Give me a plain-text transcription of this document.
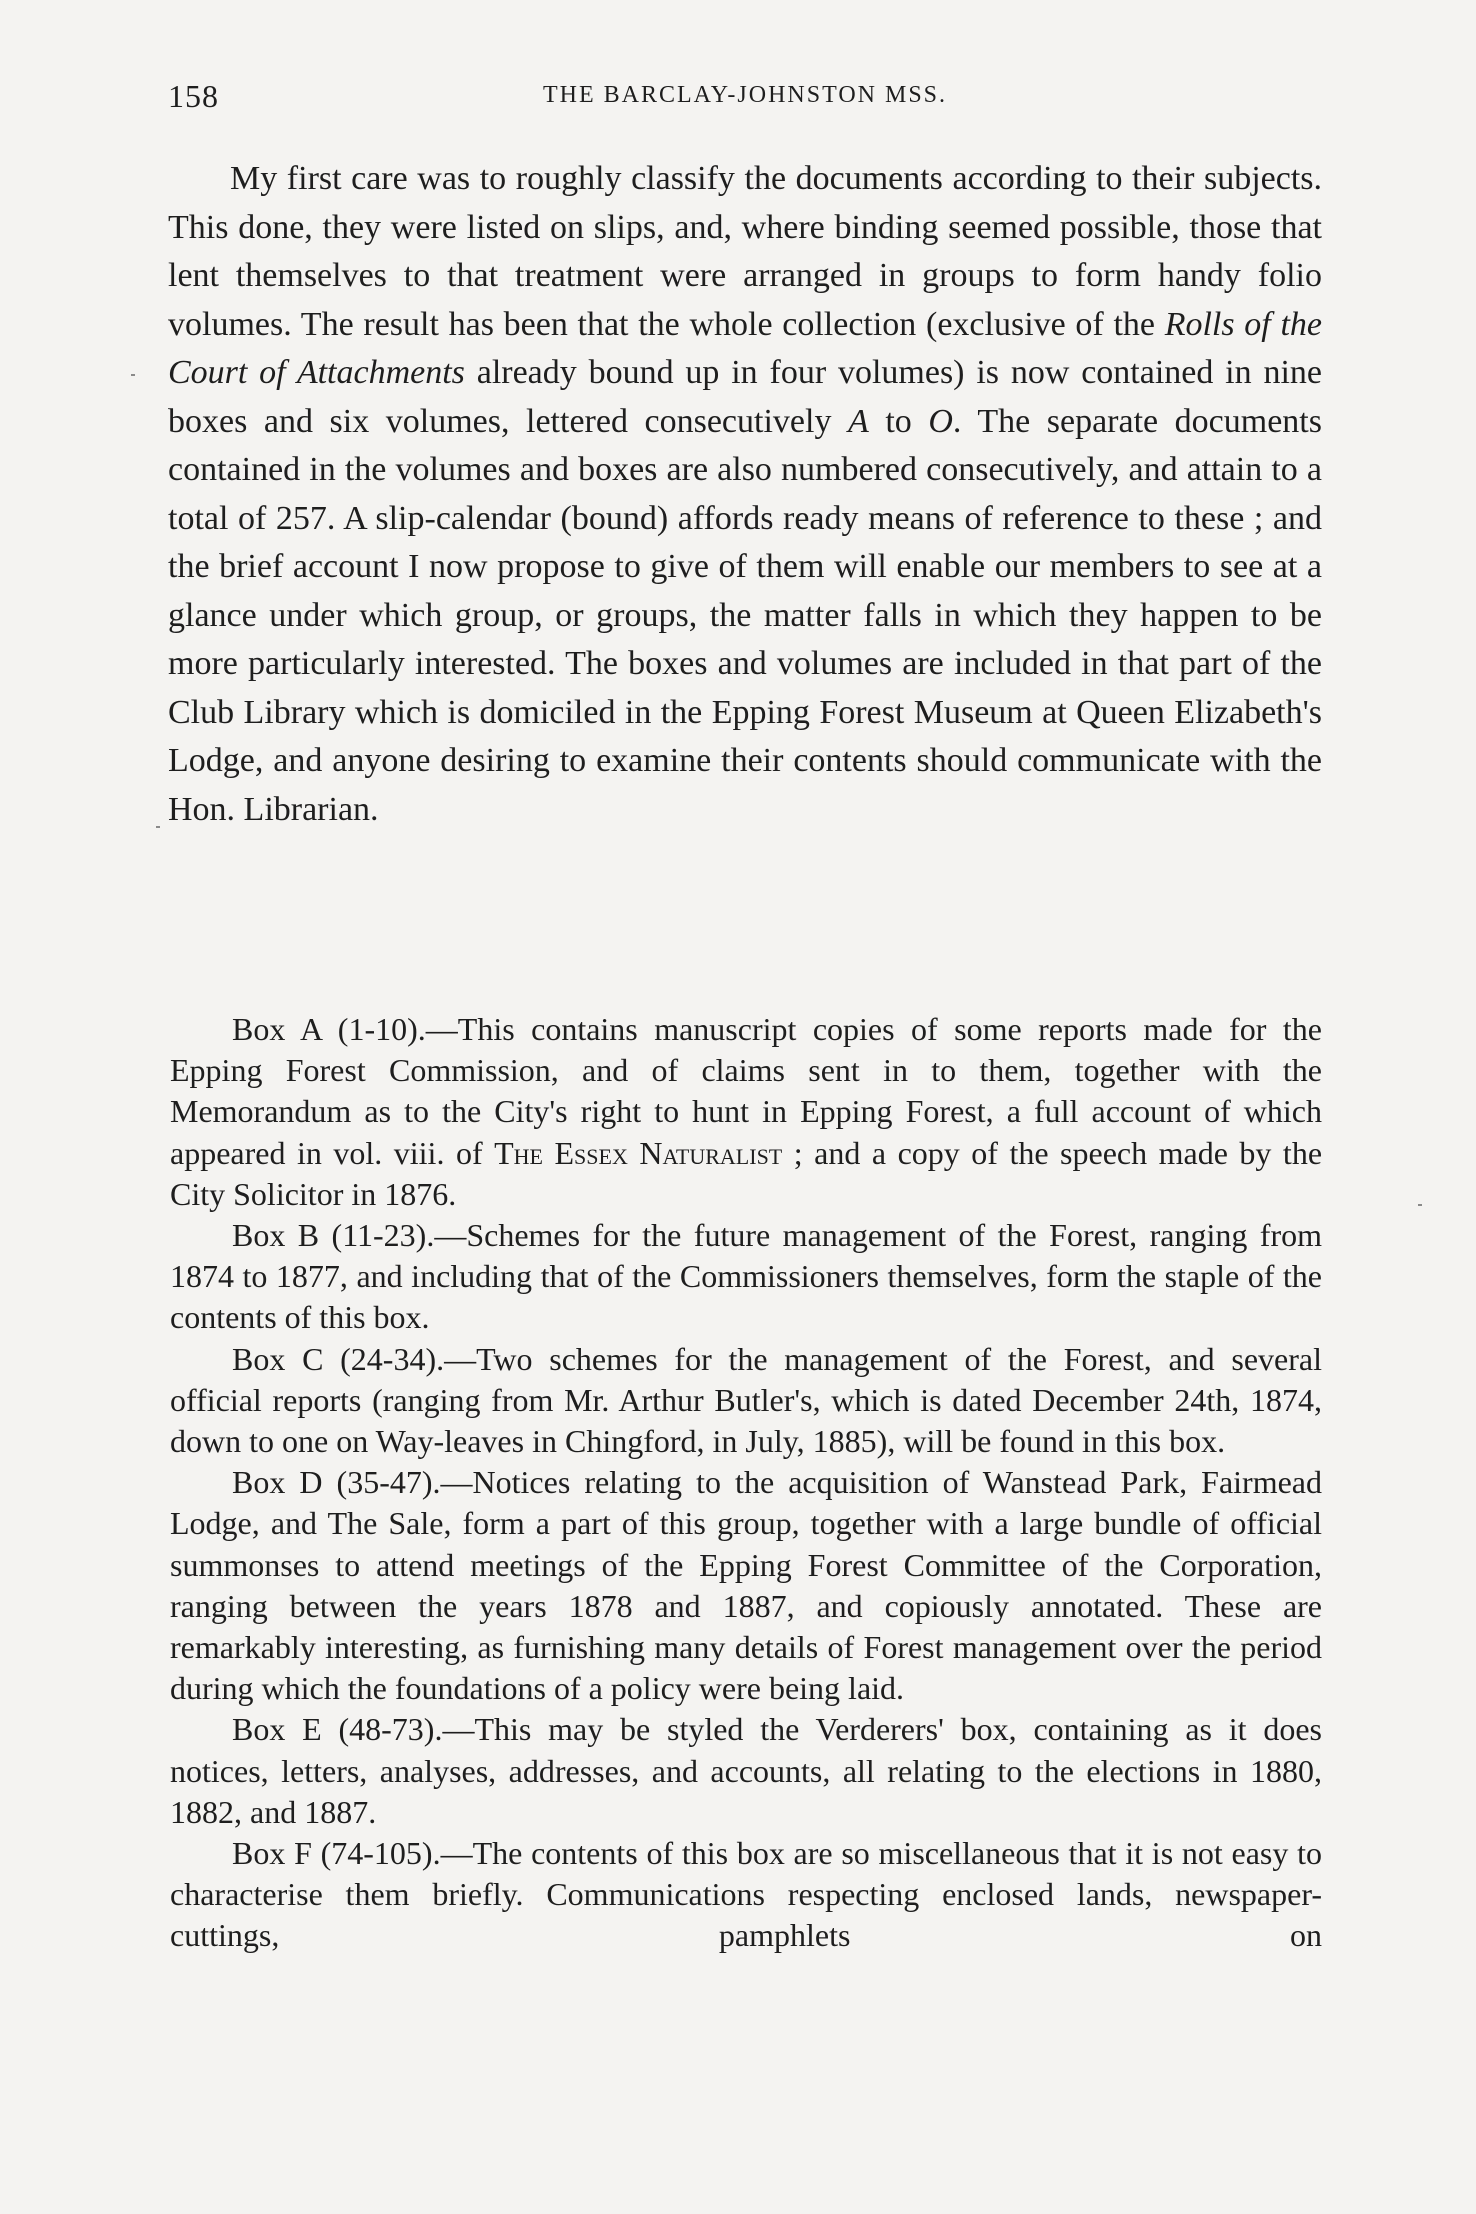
158	THE BARCLAY-JOHNSTON MSS.

My first care was to roughly classify the documents according to their subjects. This done, they were listed on slips, and, where binding seemed possible, those that lent themselves to that treatment were arranged in groups to form handy folio volumes. The result has been that the whole collection (exclusive of the Rolls of the Court of Attachments already bound up in four volumes) is now contained in nine boxes and six volumes, lettered consecutively A to O. The separate documents contained in the volumes and boxes are also numbered consecutively, and attain to a total of 257. A slip-calendar (bound) affords ready means of reference to these ; and the brief account I now propose to give of them will enable our members to see at a glance under which group, or groups, the matter falls in which they happen to be more particularly interested. The boxes and volumes are included in that part of the Club Library which is domiciled in the Epping Forest Museum at Queen Elizabeth's Lodge, and anyone desiring to examine their contents should communicate with the Hon. Librarian.

Box A (1-10).—This contains manuscript copies of some reports made for the Epping Forest Commission, and of claims sent in to them, together with the Memorandum as to the City's right to hunt in Epping Forest, a full account of which appeared in vol. viii. of The Essex Naturalist ; and a copy of the speech made by the City Solicitor in 1876.

Box B (11-23).—Schemes for the future management of the Forest, ranging from 1874 to 1877, and including that of the Commissioners themselves, form the staple of the contents of this box.

Box C (24-34).—Two schemes for the management of the Forest, and several official reports (ranging from Mr. Arthur Butler's, which is dated December 24th, 1874, down to one on Way-leaves in Chingford, in July, 1885), will be found in this box.

Box D (35-47).—Notices relating to the acquisition of Wanstead Park, Fairmead Lodge, and The Sale, form a part of this group, together with a large bundle of official summonses to attend meetings of the Epping Forest Committee of the Corporation, ranging between the years 1878 and 1887, and copiously annotated. These are remarkably interesting, as furnishing many details of Forest management over the period during which the foundations of a policy were being laid.

Box E (48-73).—This may be styled the Verderers' box, containing as it does notices, letters, analyses, addresses, and accounts, all relating to the elections in 1880, 1882, and 1887.

Box F (74-105).—The contents of this box are so miscellaneous that it is not easy to characterise them briefly. Communications respecting enclosed lands, newspaper-cuttings, pamphlets on
